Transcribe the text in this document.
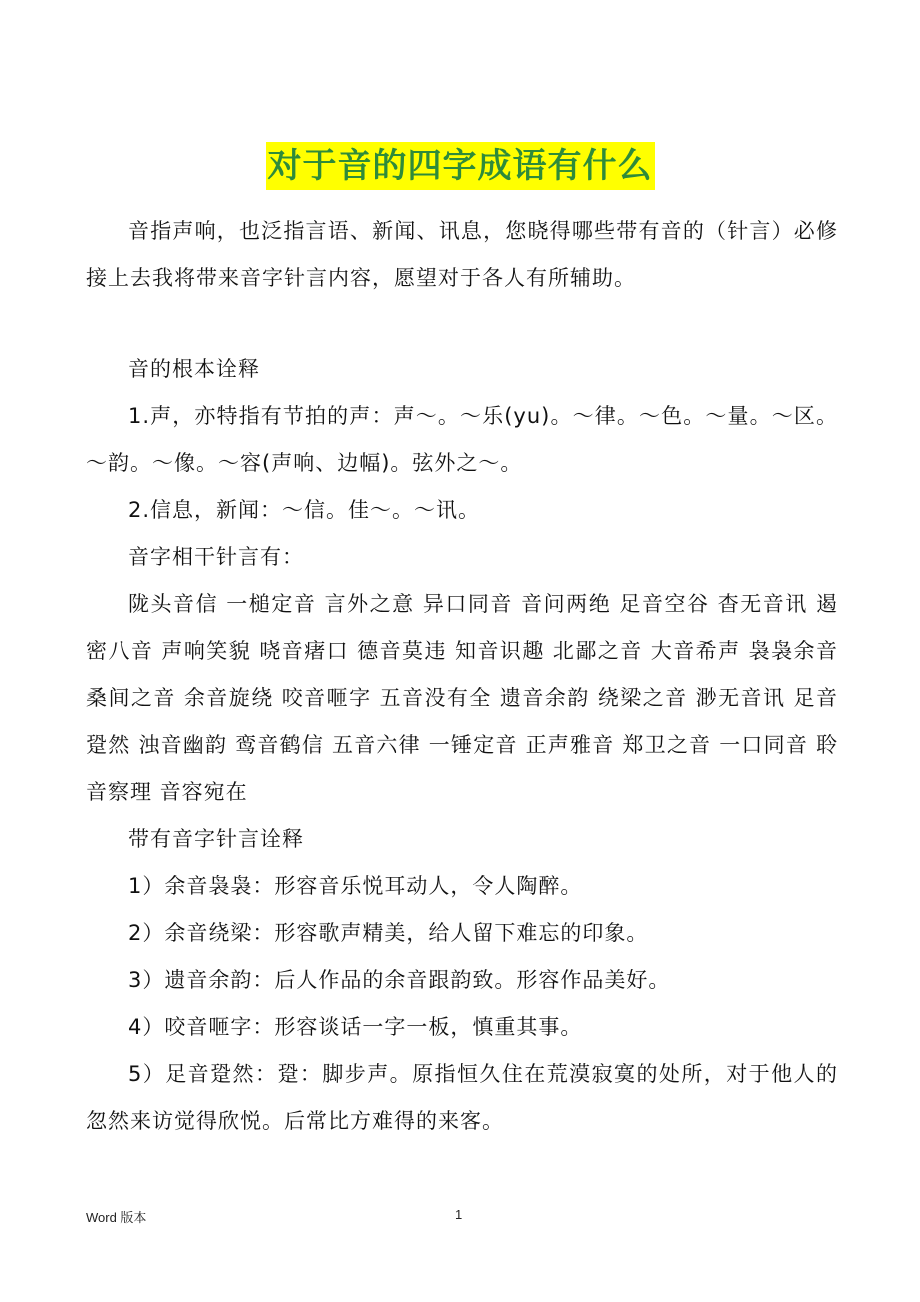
对于音的四字成语有什么

音指声响，也泛指言语、新闻、讯息，您晓得哪些带有音的（针言）必修接上去我将带来音字针言内容，愿望对于各人有所辅助。

音的根本诠释

1.声，亦特指有节拍的声：声～。～乐(yu)。～律。～色。～量。～区。～韵。～像。～容(声响、边幅)。弦外之～。

2.信息，新闻：～信。佳～。～讯。

音字相干针言有：

陇头音信 一槌定音 言外之意 异口同音 音问两绝 足音空谷 杳无音讯 遏密八音 声响笑貌 哓音瘏口 德音莫违 知音识趣 北鄙之音 大音希声 袅袅余音 桑间之音 余音旋绕 咬音咂字 五音没有全 遗音余韵 绕梁之音 渺无音讯 足音跫然 浊音幽韵 鸾音鹤信 五音六律 一锤定音 正声雅音 郑卫之音 一口同音 聆音察理 音容宛在

带有音字针言诠释

1）余音袅袅：形容音乐悦耳动人，令人陶醉。

2）余音绕梁：形容歌声精美，给人留下难忘的印象。

3）遗音余韵：后人作品的余音跟韵致。形容作品美好。

4）咬音咂字：形容谈话一字一板，慎重其事。

5）足音跫然：跫：脚步声。原指恒久住在荒漠寂寞的处所，对于他人的忽然来访觉得欣悦。后常比方难得的来客。

Word 版本	1
